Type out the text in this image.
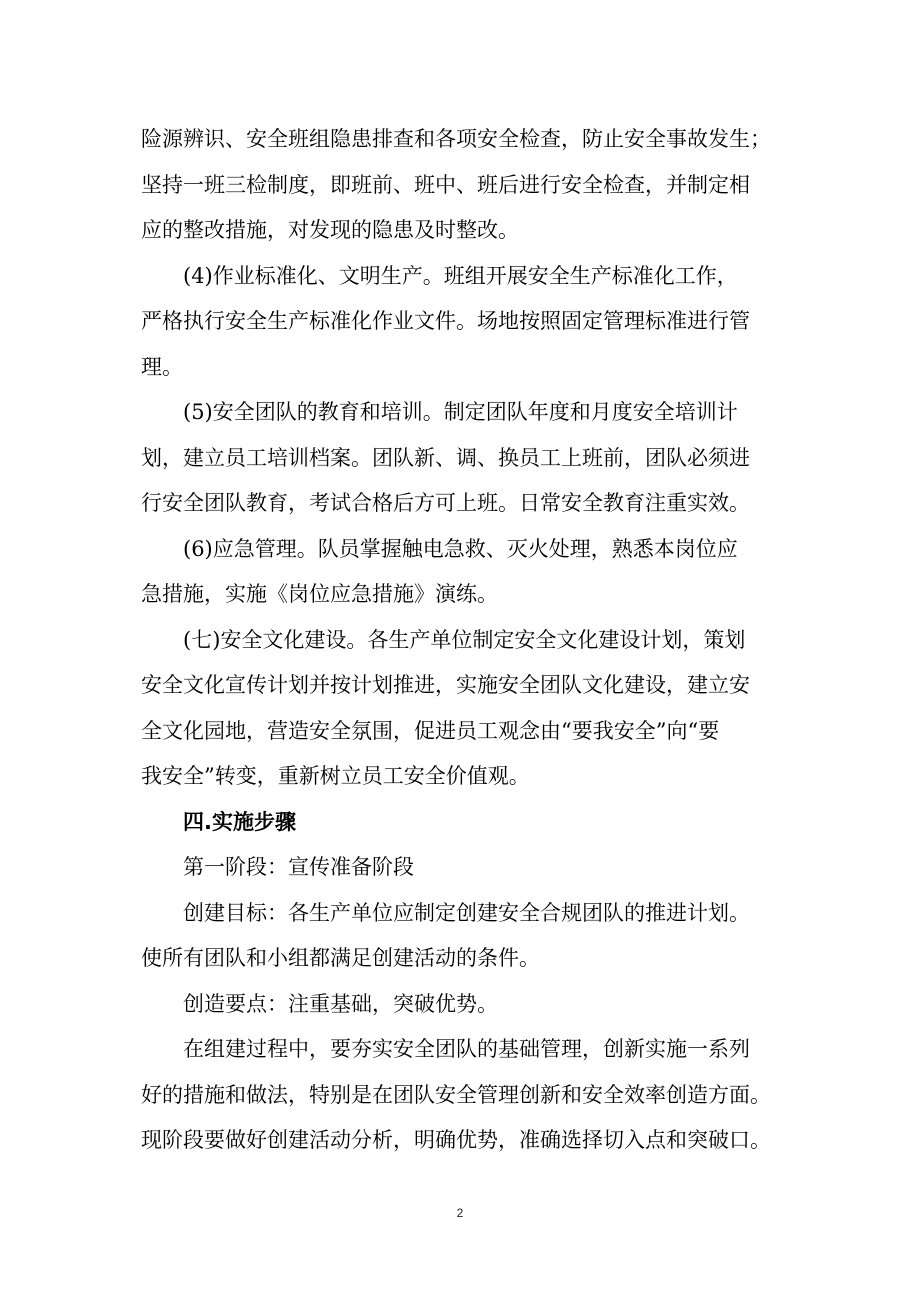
险源辨识、安全班组隐患排查和各项安全检查，防止安全事故发生；
坚持一班三检制度，即班前、班中、班后进行安全检查，并制定相
应的整改措施，对发现的隐患及时整改。
(4)作业标准化、文明生产。班组开展安全生产标准化工作，
严格执行安全生产标准化作业文件。场地按照固定管理标准进行管
理。
(5)安全团队的教育和培训。制定团队年度和月度安全培训计
划，建立员工培训档案。团队新、调、换员工上班前，团队必须进
行安全团队教育，考试合格后方可上班。日常安全教育注重实效。
(6)应急管理。队员掌握触电急救、灭火处理，熟悉本岗位应
急措施，实施《岗位应急措施》演练。
(七)安全文化建设。各生产单位制定安全文化建设计划，策划
安全文化宣传计划并按计划推进，实施安全团队文化建设，建立安
全文化园地，营造安全氛围，促进员工观念由“要我安全”向“要
我安全”转变，重新树立员工安全价值观。
四.实施步骤
第一阶段：宣传准备阶段
创建目标：各生产单位应制定创建安全合规团队的推进计划。
使所有团队和小组都满足创建活动的条件。
创造要点：注重基础，突破优势。
在组建过程中，要夯实安全团队的基础管理，创新实施一系列
好的措施和做法，特别是在团队安全管理创新和安全效率创造方面。
现阶段要做好创建活动分析，明确优势，准确选择切入点和突破口。
2
